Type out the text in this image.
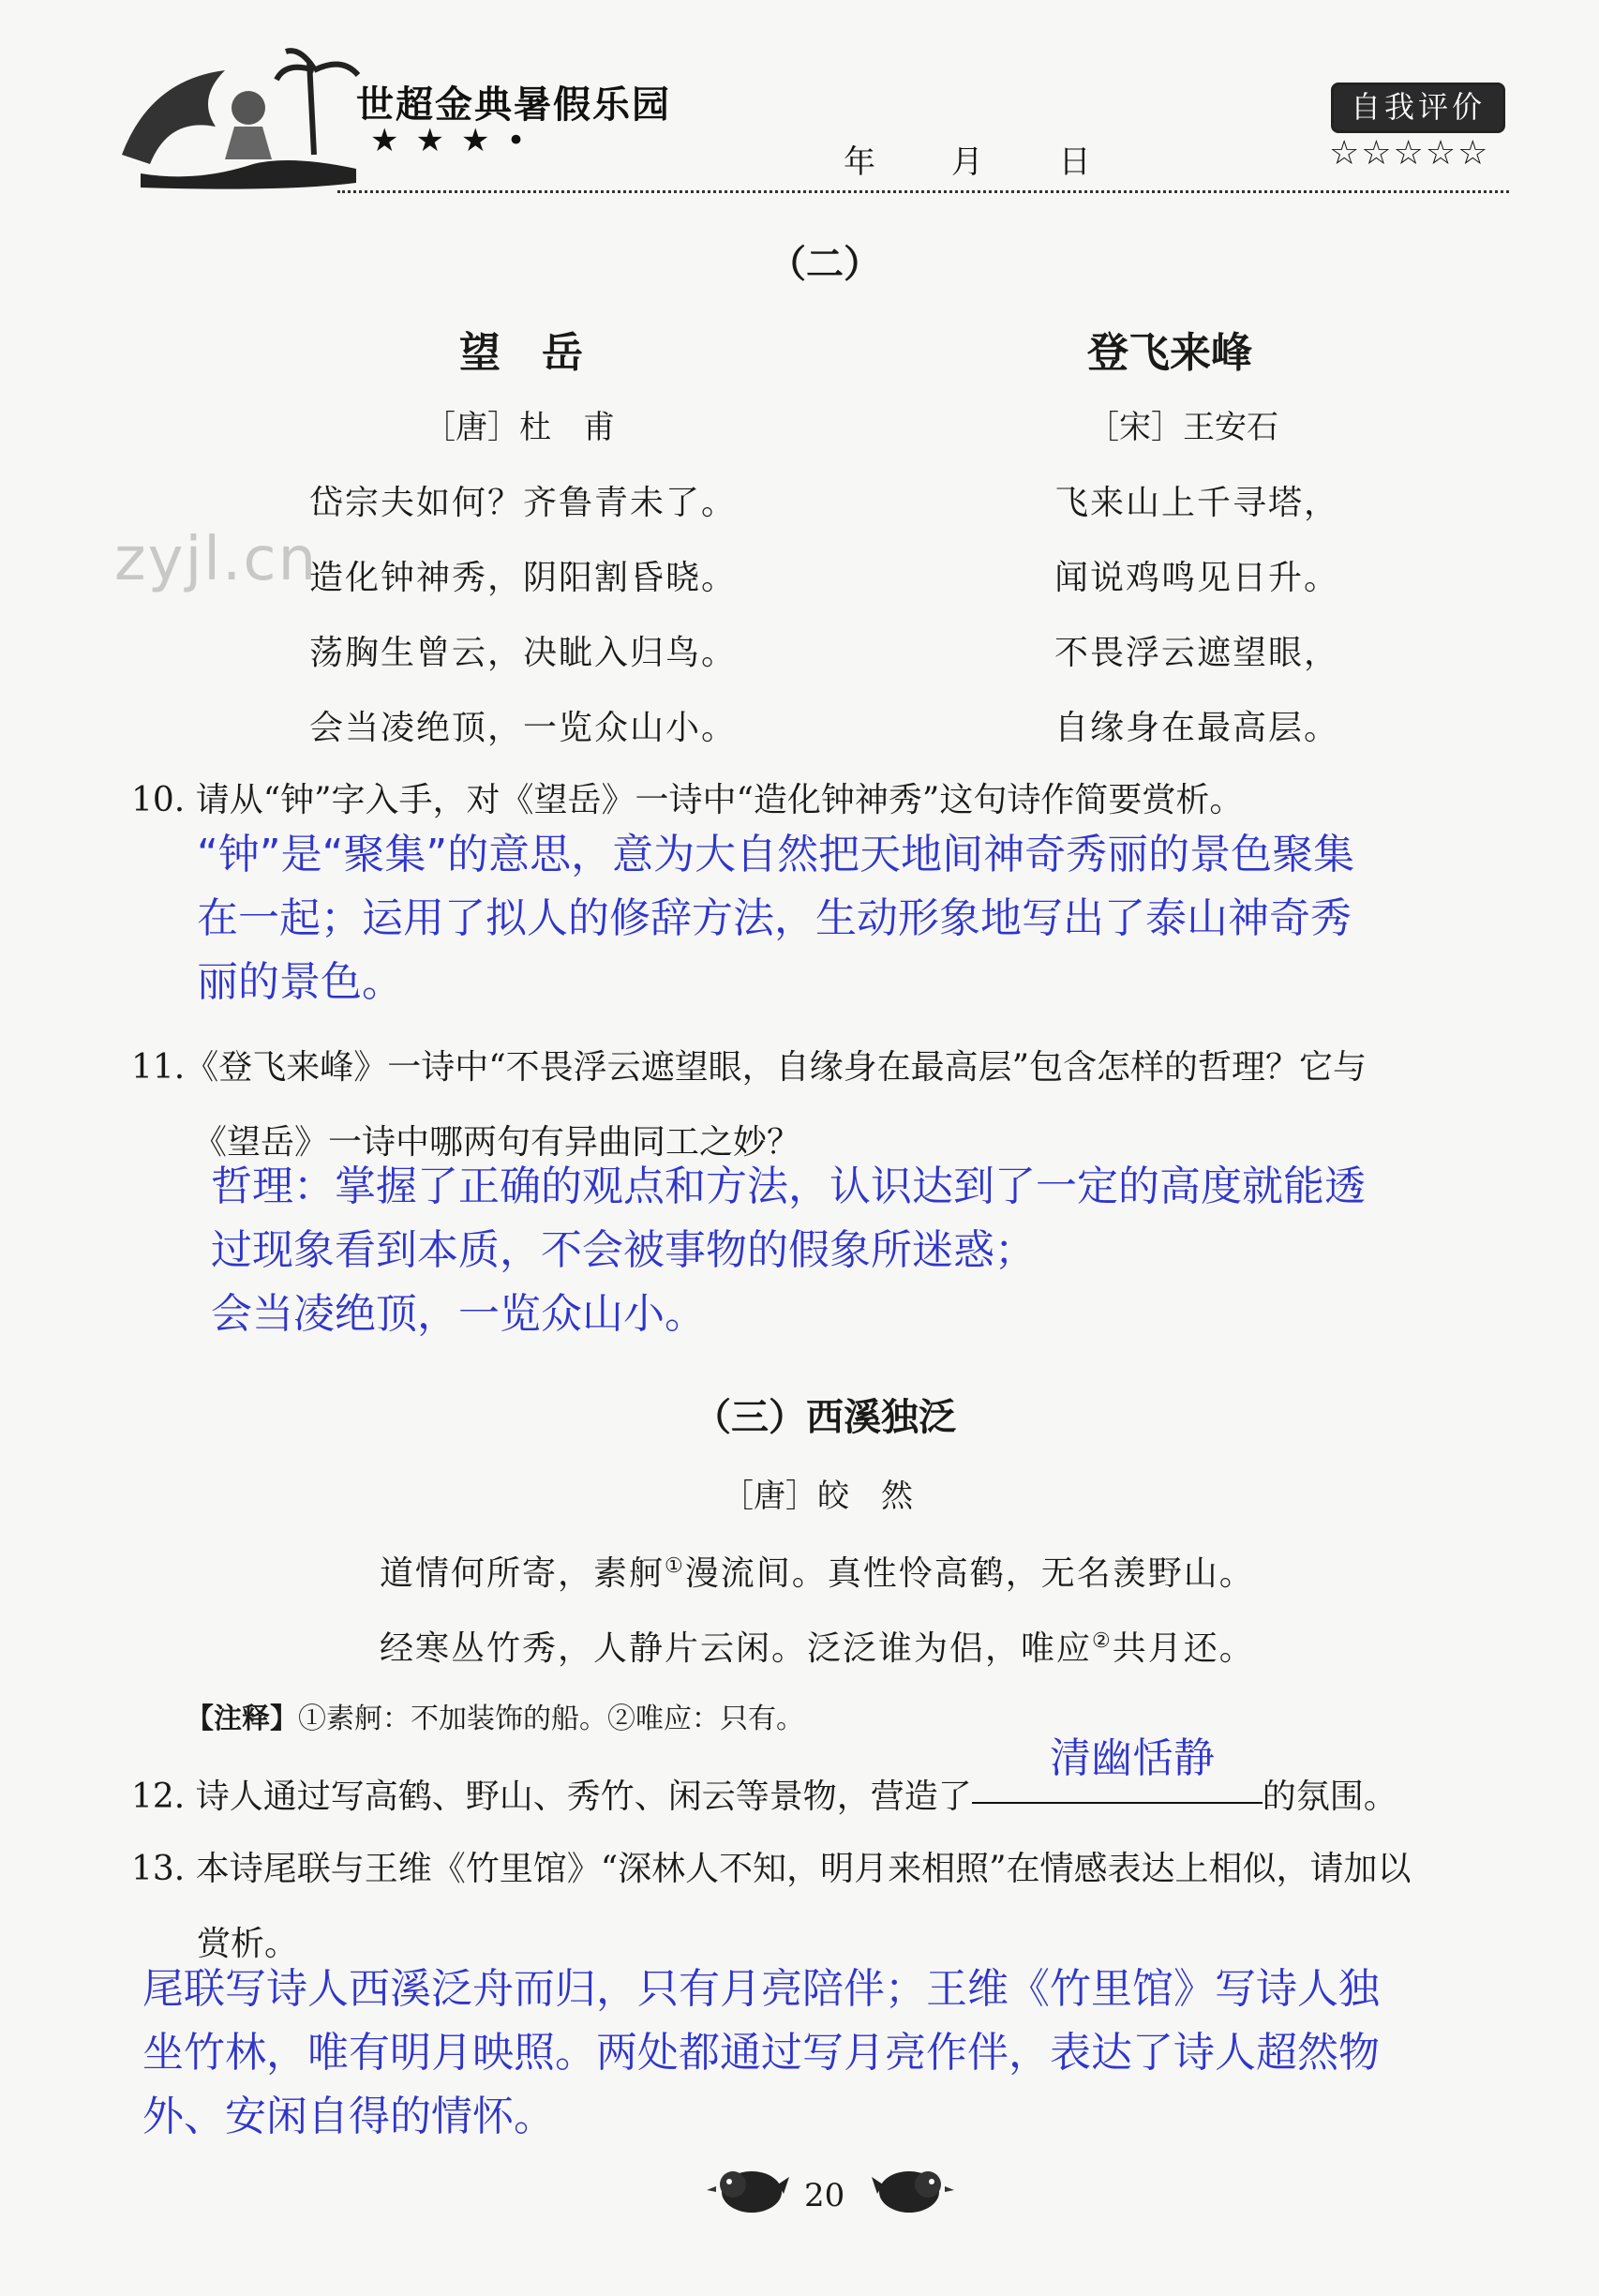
世超金典暑假乐园
★★★•
年 月 日
自我评价
☆☆☆☆☆
zyjl.cn
（二）
望　岳
［唐］杜　甫
岱宗夫如何？齐鲁青未了。
造化钟神秀，阴阳割昏晓。
荡胸生曾云，决眦入归鸟。
会当凌绝顶，一览众山小。
登飞来峰
［宋］王安石
飞来山上千寻塔，
闻说鸡鸣见日升。
不畏浮云遮望眼，
自缘身在最高层。
10. 请从“钟”字入手，对《望岳》一诗中“造化钟神秀”这句诗作简要赏析。
“钟”是“聚集”的意思，意为大自然把天地间神奇秀丽的景色聚集
在一起；运用了拟人的修辞方法，生动形象地写出了泰山神奇秀
丽的景色。
11.《登飞来峰》一诗中“不畏浮云遮望眼，自缘身在最高层”包含怎样的哲理？它与
《望岳》一诗中哪两句有异曲同工之妙？
哲理：掌握了正确的观点和方法，认识达到了一定的高度就能透
过现象看到本质，不会被事物的假象所迷惑；
会当凌绝顶，一览众山小。
（三）西溪独泛
［唐］皎　然
道情何所寄，素舸①漫流间。真性怜高鹤，无名羡野山。
经寒丛竹秀，人静片云闲。泛泛谁为侣，唯应②共月还。
【注释】①素舸：不加装饰的船。②唯应：只有。
12. 诗人通过写高鹤、野山、秀竹、闲云等景物，营造了	的氛围。
清幽恬静
13. 本诗尾联与王维《竹里馆》“深林人不知，明月来相照”在情感表达上相似，请加以
赏析。
尾联写诗人西溪泛舟而归，只有月亮陪伴；王维《竹里馆》写诗人独
坐竹林，唯有明月映照。两处都通过写月亮作伴，表达了诗人超然物
外、安闲自得的情怀。
20
